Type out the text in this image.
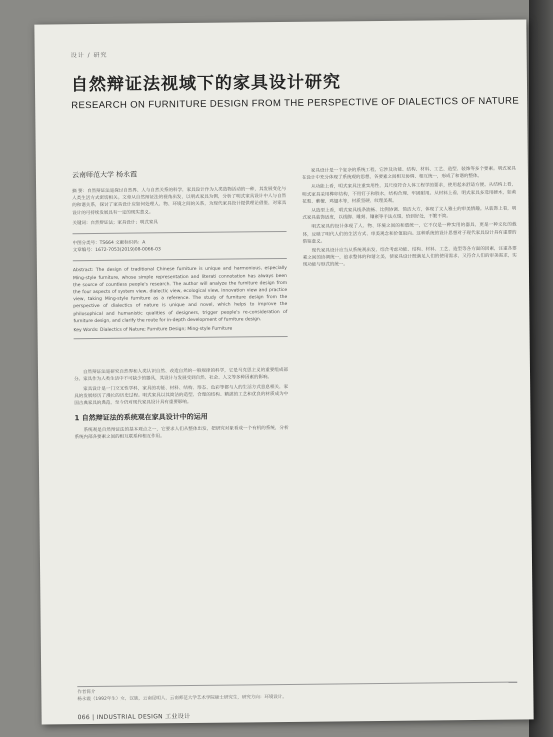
设计 / 研究
自然辩证法视域下的家具设计研究
RESEARCH ON FURNITURE DESIGN FROM THE PERSPECTIVE OF DIALECTICS OF NATURE
云南师范大学 杨永霞
摘 要：自然辩证法是探讨自然界、人与自然关系的科学，家具设计作为人类造物活动的一种，其发展变化与人类生活方式密切相关。文章从自然辩证法的视角出发，以明式家具为例，分析了明式家具设计中人与自然的和谐关系，探讨了家具设计应如何处理人、物、环境之间的关系，为现代家具设计提供理论借鉴，对家具设计的可持续发展具有一定的现实意义。
关键词：自然辩证法；家具设计；明式家具
中图分类号：TS664 文献标识码：A
文章编号：1672-7053(2019)08-0066-03
Abstract: The design of traditional Chinese furniture is unique and harmonious, especially Ming-style furniture, whose simple representation and literati connotation has always been the source of countless people's research. The author will analyze the furniture design from the four aspects of system view, dialectic view, ecological view, innovation view and practice view, taking Ming-style furniture as a reference. The study of furniture design from the perspective of dialectics of nature is unique and novel, which helps to improve the philosophical and humanistic qualities of designers, trigger people's re-consideration of furniture design, and clarify the route for in-depth development of furniture design.
Key Words: Dialectics of Nature; Furniture Design; Ming-style Furniture

自然辩证法是研究自然界和人类认识自然、改造自然的一般规律的科学，它是马克思主义的重要组成部分。家具作为人类生活中不可缺少的器具，其设计与发展受到自然、社会、人文等多种因素的影响。

家具设计是一门交叉性学科，家具的功能、材料、结构、形态、色彩等都与人的生活方式息息相关，家具的发展经历了漫长的历史过程。明式家具以其简洁的造型、合理的结构、精湛的工艺和优良的材质成为中国古典家具的典范，至今仍对现代家具设计具有重要影响。

1 自然辩证法的系统观在家具设计中的运用

系统观是自然辩证法的基本观点之一，它要求人们从整体出发，把研究对象看成一个有机的系统，分析系统内部各要素之间的相互联系和相互作用。

家具设计是一个复杂的系统工程，它涉及功能、结构、材料、工艺、造型、装饰等多个要素。明式家具在设计中充分体现了系统观的思想，各要素之间相互协调、相互统一，形成了和谐的整体。

从功能上看，明式家具注重实用性，其尺度符合人体工程学的要求，使用起来舒适方便。从结构上看，明式家具采用榫卯结构，不用钉子和胶水，结构合理、牢固耐用。从材料上看，明式家具多选用硬木，如黄花梨、紫檀、鸡翅木等，材质坚硬、纹理美观。

从造型上看，明式家具线条流畅、比例协调、简洁大方，体现了文人雅士的审美情趣。从装饰上看，明式家具装饰适度，以线脚、雕刻、镶嵌等手法点缀，恰到好处，不繁不简。

明式家具的设计体现了人、物、环境之间的和谐统一，它不仅是一种实用的器具，更是一种文化的载体，反映了明代人们的生活方式、审美观念和价值取向。这种系统的设计思想对于现代家具设计具有重要的借鉴意义。

现代家具设计应当从系统观出发，综合考虑功能、结构、材料、工艺、造型等各方面的因素，注重各要素之间的协调统一，追求整体的和谐之美，使家具设计既满足人们的使用需求，又符合人们的审美需求，实现功能与形式的统一。

作者简介
杨永霞（1992年生）女，汉族，云南昆明人，云南师范大学艺术学院硕士研究生，研究方向：环境设计。
066 | INDUSTRIAL DESIGN 工业设计
